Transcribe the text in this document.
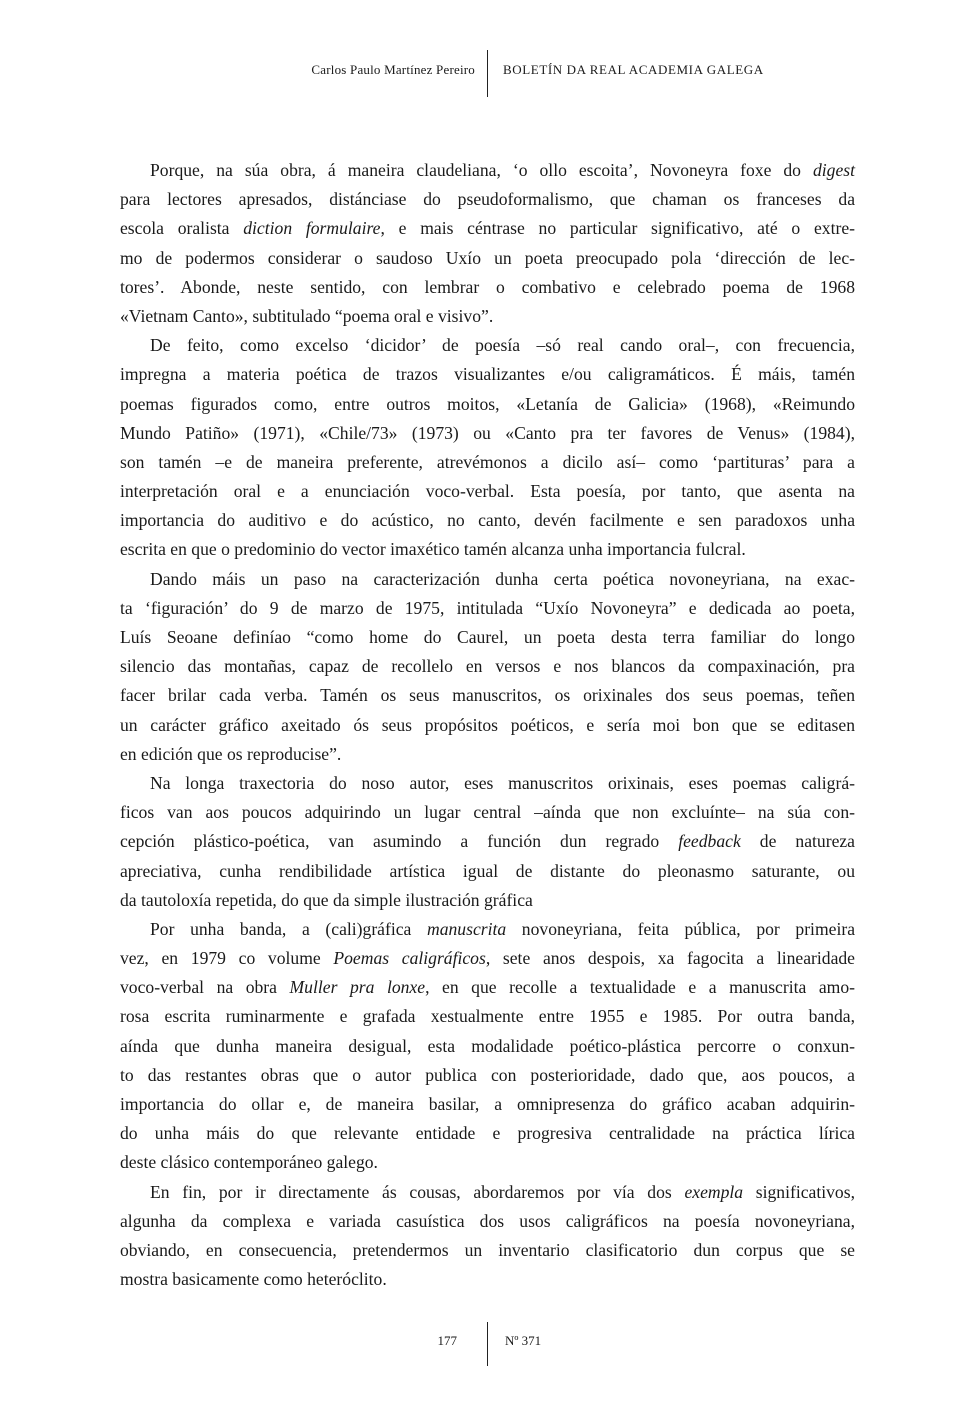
Carlos Paulo Martínez Pereiro BOLETÍN DA REAL ACADEMIA GALEGA
Porque, na súa obra, á maneira claudeliana, ‘o ollo escoita’, Novoneyra foxe do digest
para lectores apresados, distánciase do pseudoformalismo, que chaman os franceses da
escola oralista diction formulaire, e mais céntrase no particular significativo, até o extre-
mo de podermos considerar o saudoso Uxío un poeta preocupado pola ‘dirección de lec-
tores’. Abonde, neste sentido, con lembrar o combativo e celebrado poema de 1968
«Vietnam Canto», subtitulado “poema oral e visivo”.
De feito, como excelso ‘dicidor’ de poesía –só real cando oral–, con frecuencia,
impregna a materia poética de trazos visualizantes e/ou caligramáticos. É máis, tamén
poemas figurados como, entre outros moitos, «Letanía de Galicia» (1968), «Reimundo
Mundo Patiño» (1971), «Chile/73» (1973) ou «Canto pra ter favores de Venus» (1984),
son tamén –e de maneira preferente, atrevémonos a dicilo así– como ‘partituras’ para a
interpretación oral e a enunciación voco-verbal. Esta poesía, por tanto, que asenta na
importancia do auditivo e do acústico, no canto, devén facilmente e sen paradoxos unha
escrita en que o predominio do vector imaxético tamén alcanza unha importancia fulcral.
Dando máis un paso na caracterización dunha certa poética novoneyriana, na exac-
ta ‘figuración’ do 9 de marzo de 1975, intitulada “Uxío Novoneyra” e dedicada ao poeta,
Luís Seoane definíao “como home do Caurel, un poeta desta terra familiar do longo
silencio das montañas, capaz de recollelo en versos e nos blancos da compaxinación, pra
facer brilar cada verba. Tamén os seus manuscritos, os orixinales dos seus poemas, teñen
un carácter gráfico axeitado ós seus propósitos poéticos, e sería moi bon que se editasen
en edición que os reproducise”.
Na longa traxectoria do noso autor, eses manuscritos orixinais, eses poemas caligrá-
ficos van aos poucos adquirindo un lugar central –aínda que non excluínte– na súa con-
cepción plástico-poética, van asumindo a función dun regrado feedback de natureza
apreciativa, cunha rendibilidade artística igual de distante do pleonasmo saturante, ou
da tautoloxía repetida, do que da simple ilustración gráfica
Por unha banda, a (cali)gráfica manuscrita novoneyriana, feita pública, por primeira
vez, en 1979 co volume Poemas caligráficos, sete anos despois, xa fagocita a linearidade
voco-verbal na obra Muller pra lonxe, en que recolle a textualidade e a manuscrita amo-
rosa escrita ruminarmente e grafada xestualmente entre 1955 e 1985. Por outra banda,
aínda que dunha maneira desigual, esta modalidade poético-plástica percorre o conxun-
to das restantes obras que o autor publica con posterioridade, dado que, aos poucos, a
importancia do ollar e, de maneira basilar, a omnipresenza do gráfico acaban adquirin-
do unha máis do que relevante entidade e progresiva centralidade na práctica lírica
deste clásico contemporáneo galego.
En fin, por ir directamente ás cousas, abordaremos por vía dos exempla significativos,
algunha da complexa e variada casuística dos usos caligráficos na poesía novoneyriana,
obviando, en consecuencia, pretendermos un inventario clasificatorio dun corpus que se
mostra basicamente como heteróclito.
177	Nº 371
